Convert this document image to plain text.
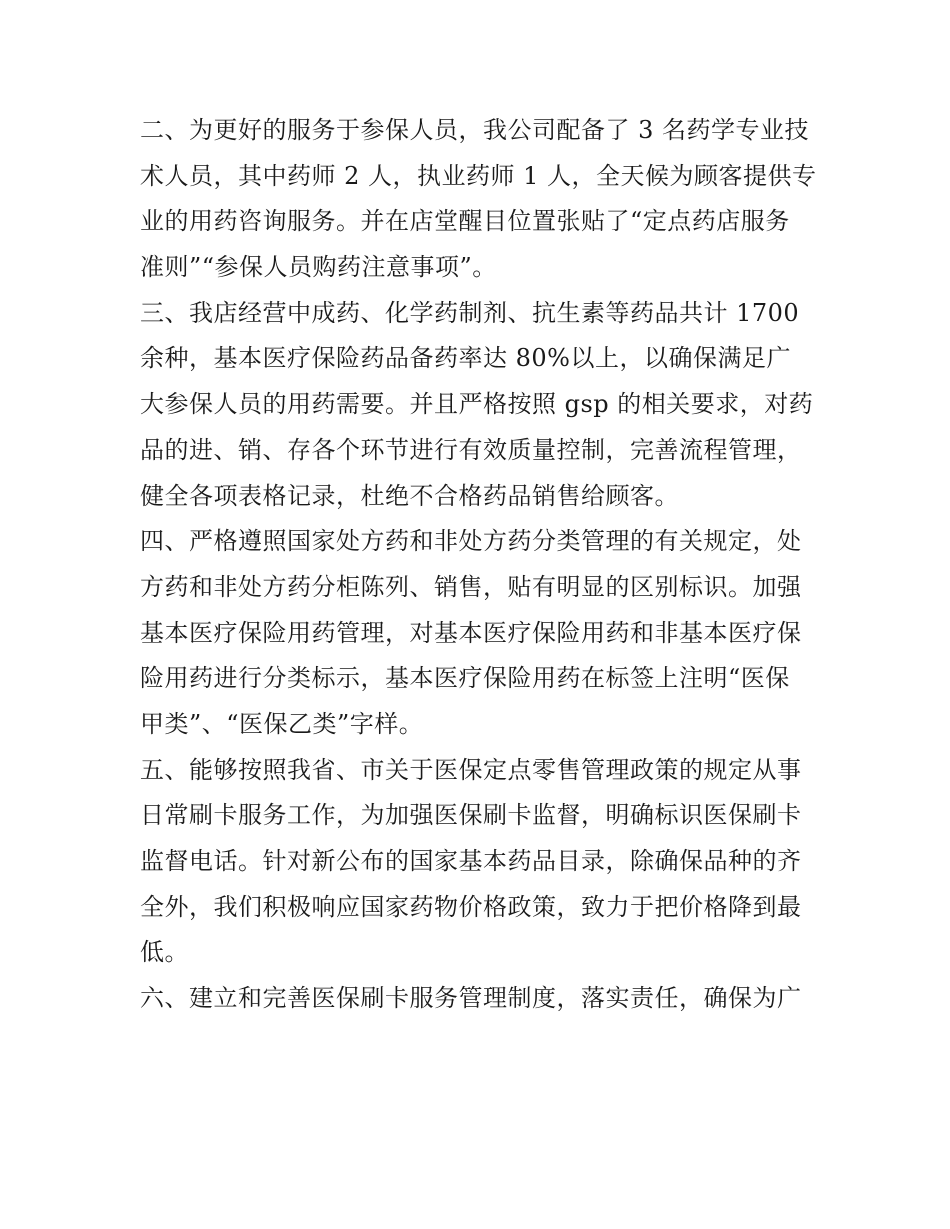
二、为更好的服务于参保人员，我公司配备了 3 名药学专业技
术人员，其中药师 2 人，执业药师 1 人，全天候为顾客提供专
业的用药咨询服务。并在店堂醒目位置张贴了“定点药店服务
准则”“参保人员购药注意事项”。

三、我店经营中成药、化学药制剂、抗生素等药品共计 1700
余种，基本医疗保险药品备药率达 80%以上，以确保满足广
大参保人员的用药需要。并且严格按照 gsp 的相关要求，对药
品的进、销、存各个环节进行有效质量控制，完善流程管理，
健全各项表格记录，杜绝不合格药品销售给顾客。

四、严格遵照国家处方药和非处方药分类管理的有关规定，处
方药和非处方药分柜陈列、销售，贴有明显的区别标识。加强
基本医疗保险用药管理，对基本医疗保险用药和非基本医疗保
险用药进行分类标示，基本医疗保险用药在标签上注明“医保
甲类”、“医保乙类”字样。

五、能够按照我省、市关于医保定点零售管理政策的规定从事
日常刷卡服务工作，为加强医保刷卡监督，明确标识医保刷卡
监督电话。针对新公布的国家基本药品目录，除确保品种的齐
全外，我们积极响应国家药物价格政策，致力于把价格降到最
低。

六、建立和完善医保刷卡服务管理制度，落实责任，确保为广
